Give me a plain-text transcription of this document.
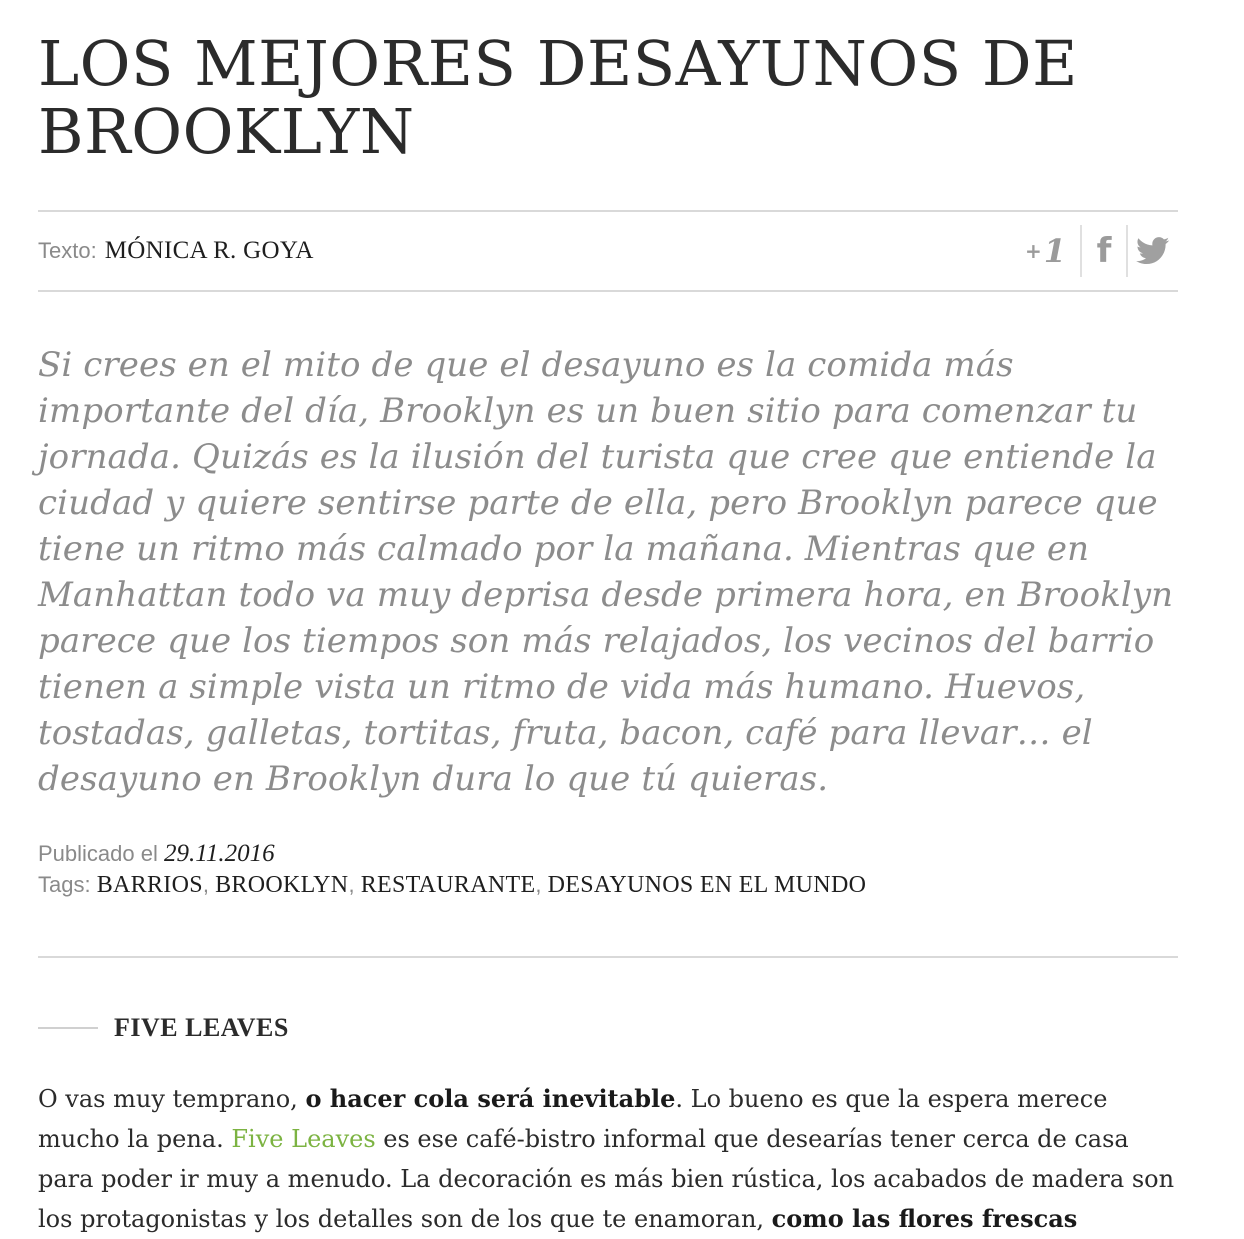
LOS MEJORES DESAYUNOS DE BROOKLYN
Texto: MÓNICA R. GOYA	+ 1 f

Si crees en el mito de que el desayuno es la comida más importante del día, Brooklyn es un buen sitio para comenzar tu jornada. Quizás es la ilusión del turista que cree que entiende la ciudad y quiere sentirse parte de ella, pero Brooklyn parece que tiene un ritmo más calmado por la mañana. Mientras que en Manhattan todo va muy deprisa desde primera hora, en Brooklyn parece que los tiempos son más relajados, los vecinos del barrio tienen a simple vista un ritmo de vida más humano. Huevos, tostadas, galletas, tortitas, fruta, bacon, café para llevar… el desayuno en Brooklyn dura lo que tú quieras.

Publicado el 29.11.2016
Tags: BARRIOS, BROOKLYN, RESTAURANTE, DESAYUNOS EN EL MUNDO
FIVE LEAVES

O vas muy temprano, o hacer cola será inevitable. Lo bueno es que la espera merece mucho la pena. Five Leaves es ese café-bistro informal que desearías tener cerca de casa para poder ir muy a menudo. La decoración es más bien rústica, los acabados de madera son los protagonistas y los detalles son de los que te enamoran, como las flores frescas
